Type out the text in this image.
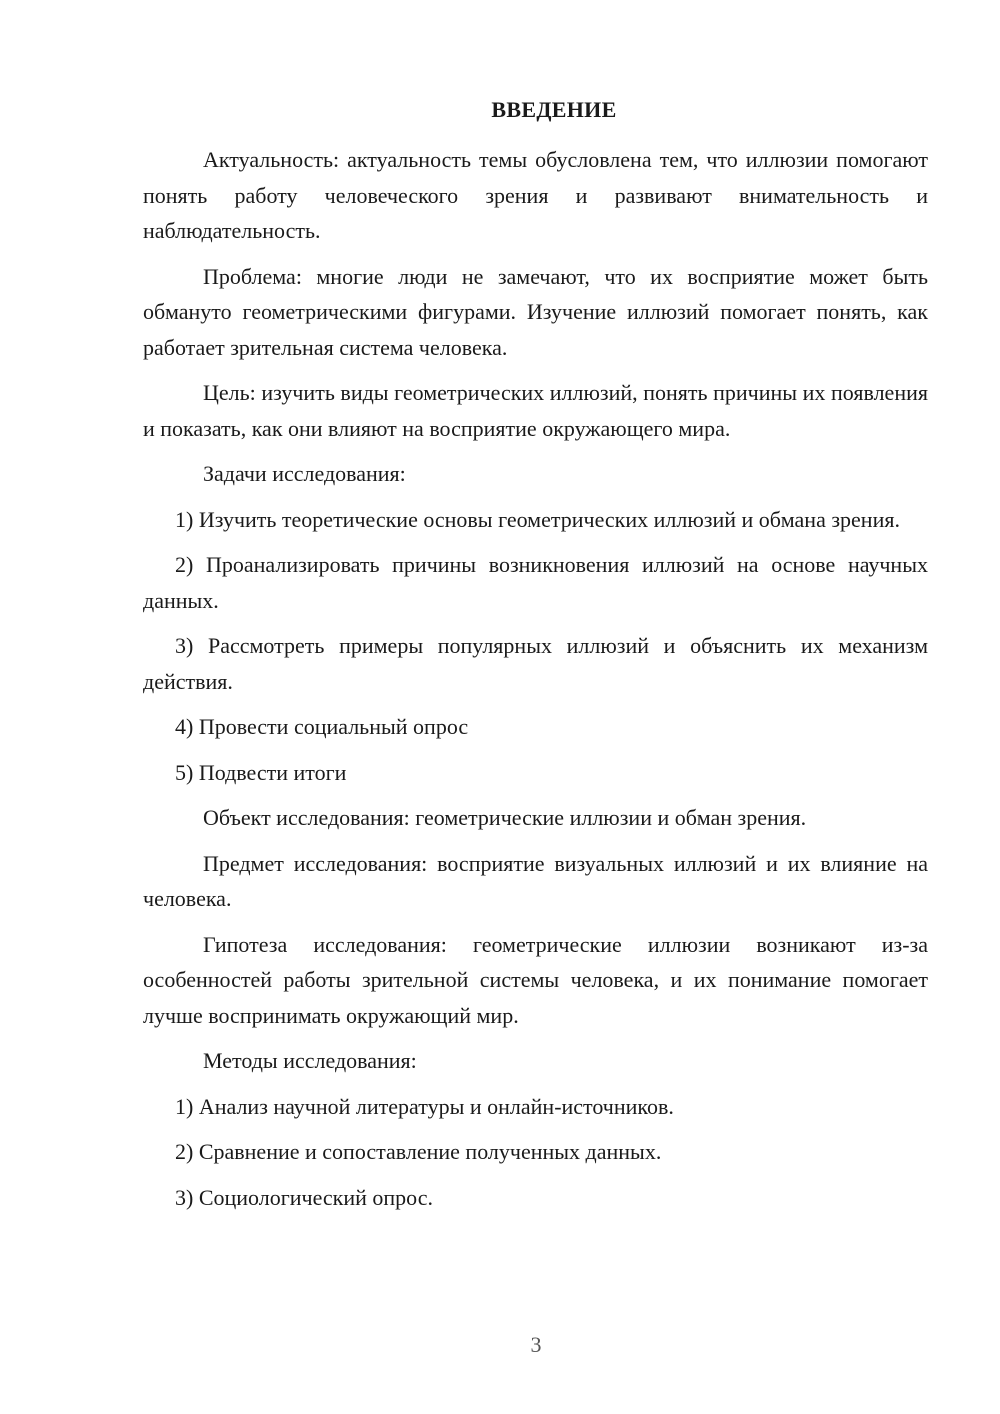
ВВЕДЕНИЕ

Актуальность: актуальность темы обусловлена тем, что иллюзии помогают понять работу человеческого зрения и развивают внимательность и наблюдательность.

Проблема: многие люди не замечают, что их восприятие может быть обмануто геометрическими фигурами. Изучение иллюзий помогает понять, как работает зрительная система человека.

Цель: изучить виды геометрических иллюзий, понять причины их появления и показать, как они влияют на восприятие окружающего мира.

Задачи исследования:

1) Изучить теоретические основы геометрических иллюзий и обмана зрения.

2) Проанализировать причины возникновения иллюзий на основе научных данных.

3) Рассмотреть примеры популярных иллюзий и объяснить их механизм действия.

4) Провести социальный опрос

5) Подвести итоги

Объект исследования: геометрические иллюзии и обман зрения.

Предмет исследования: восприятие визуальных иллюзий и их влияние на человека.

Гипотеза исследования: геометрические иллюзии возникают из-за особенностей работы зрительной системы человека, и их понимание помогает лучше воспринимать окружающий мир.

Методы исследования:

1) Анализ научной литературы и онлайн-источников.

2) Сравнение и сопоставление полученных данных.

3) Социологический опрос.

3
